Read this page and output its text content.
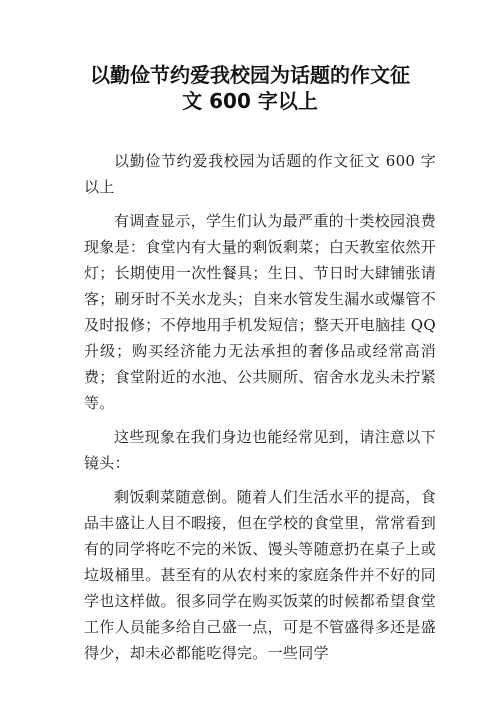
以勤俭节约爱我校园为话题的作文征
文 600 字以上

以勤俭节约爱我校园为话题的作文征文 600 字以上

有调查显示，学生们认为最严重的十类校园浪费现象是：食堂内有大量的剩饭剩菜；白天教室依然开灯；长期使用一次性餐具；生日、节日时大肆铺张请客；刷牙时不关水龙头；自来水管发生漏水或爆管不及时报修；不停地用手机发短信；整天开电脑挂 QQ 升级；购买经济能力无法承担的奢侈品或经常高消费；食堂附近的水池、公共厕所、宿舍水龙头未拧紧等。

这些现象在我们身边也能经常见到，请注意以下镜头：

剩饭剩菜随意倒。随着人们生活水平的提高，食品丰盛让人目不暇接，但在学校的食堂里，常常看到有的同学将吃不完的米饭、馒头等随意扔在桌子上或垃圾桶里。甚至有的从农村来的家庭条件并不好的同学也这样做。很多同学在购买饭菜的时候都希望食堂工作人员能多给自己盛一点，可是不管盛得多还是盛得少，却未必都能吃得完。一些同学
